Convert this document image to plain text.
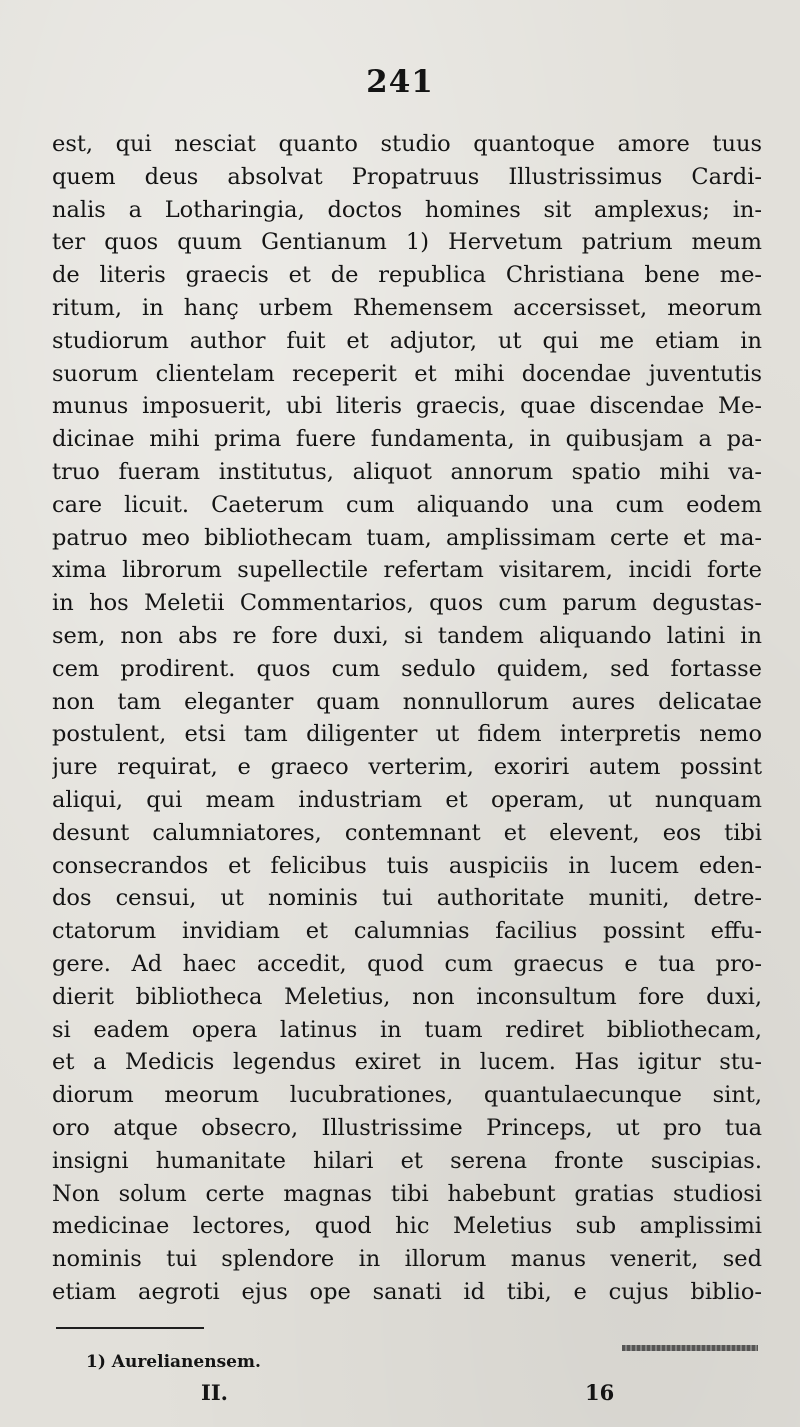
241
est, qui nesciat quanto studio quantoque amore tuus
quem deus absolvat Propatruus Illustrissimus Cardi-
nalis a Lotharingia, doctos homines sit amplexus; in-
ter quos quum Gentianum 1) Hervetum patrium meum
de literis graecis et de republica Christiana bene me-
ritum, in hanç urbem Rhemensem accersisset, meorum
studiorum author fuit et adjutor, ut qui me etiam in
suorum clientelam receperit et mihi docendae juventutis
munus imposuerit, ubi literis graecis, quae discendae Me-
dicinae mihi prima fuere fundamenta, in quibusjam a pa-
truo fueram institutus, aliquot annorum spatio mihi va-
care licuit. Caeterum cum aliquando una cum eodem
patruo meo bibliothecam tuam, amplissimam certe et ma-
xima librorum supellectile refertam visitarem, incidi forte
in hos Meletii Commentarios, quos cum parum degustas-
sem, non abs re fore duxi, si tandem aliquando latini in
cem prodirent. quos cum sedulo quidem, sed fortasse
non tam eleganter quam nonnullorum aures delicatae
postulent, etsi tam diligenter ut fidem interpretis nemo
jure requirat, e graeco verterim, exoriri autem possint
aliqui, qui meam industriam et operam, ut nunquam
desunt calumniatores, contemnant et elevent, eos tibi
consecrandos et felicibus tuis auspiciis in lucem eden-
dos censui, ut nominis tui authoritate muniti, detre-
ctatorum invidiam et calumnias facilius possint effu-
gere. Ad haec accedit, quod cum graecus e tua pro-
dierit bibliotheca Meletius, non inconsultum fore duxi,
si eadem opera latinus in tuam rediret bibliothecam,
et a Medicis legendus exiret in lucem. Has igitur stu-
diorum meorum lucubrationes, quantulaecunque sint,
oro atque obsecro, Illustrissime Princeps, ut pro tua
insigni humanitate hilari et serena fronte suscipias.
Non solum certe magnas tibi habebunt gratias studiosi
medicinae lectores, quod hic Meletius sub amplissimi
nominis tui splendore in illorum manus venerit, sed
etiam aegroti ejus ope sanati id tibi, e cujus biblio-
1) Aurelianensem.
II.	16
